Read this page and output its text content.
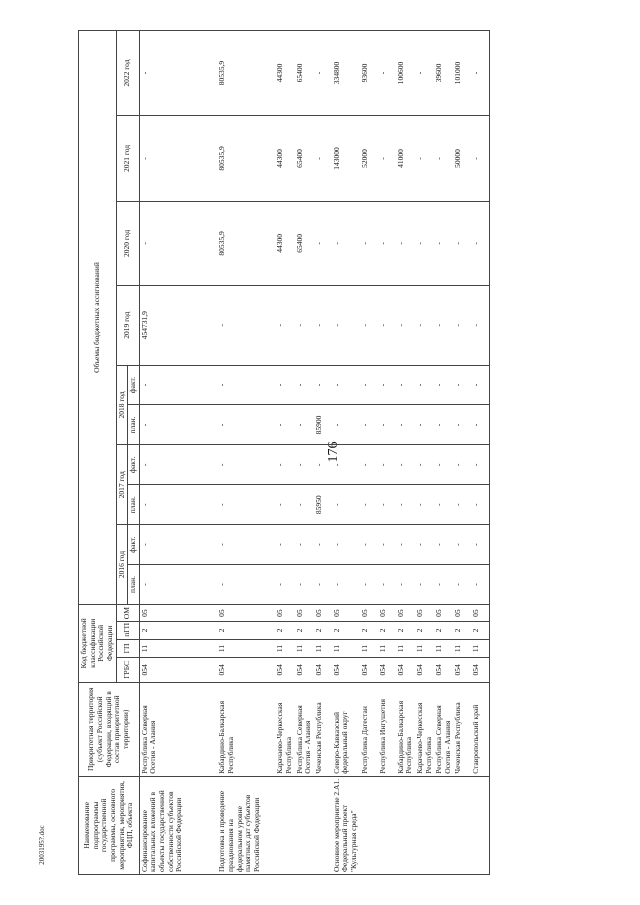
176
2003195?.doc	Наименование подпрограммы государственной программы, основного мероприятия, мероприятия, ФЦП, объекта	Приоритетная территория (субъект Российской Федерации, входящий в состав приоритетной территории)	Код бюджетной классификации Российской Федерации				Объемы бюджетных ассигнований									
		ГРБС	ГП	пГП	ОМ	2016 год		2017 год		2018 год		2019 год	2020 год	2021 год	2022 год
						план.	факт.	план.	факт.	план.	факт.				
Софинансирование капитальных вложений в объекты государственной собственности субъектов Российской Федерации	Республика Северная Осетия - Алания	054	11	2	05	-	-	-	-	-	-	454731,9	-	-	-
Подготовка и проведение празднования на федеральном уровне памятных дат субъектов Российской Федерации	Кабардино-Балкарская Республика	054	11	2	05	-	-	-	-	-	-	-	80535,9	80535,9	80535,9
	Карачаево-Черкесская Республика	054	11	2	05	-	-	-	-	-	-	-	44300	44300	44300
	Республика Северная Осетия - Алания	054	11	2	05	-	-	-	-	-	-	-	65400	65400	65400
	Чеченская Республика	054	11	2	05	-	-	85950	-	85900	-	-	-	-	-
Основное мероприятие 2.А1. Федеральный проект "Культурная среда"	Северо-Кавказский федеральный округ	054	11	2	05	-	-	-	-	-	-	-	-	143000	334800
	Республика Дагестан	054	11	2	05	-	-	-	-	-	-	-	-	52000	93600
	Республика Ингушетия	054	11	2	05	-	-	-	-	-	-	-	-	-	-
	Кабардино-Балкарская Республика	054	11	2	05	-	-	-	-	-	-	-	-	41000	100600
	Карачаево-Черкесская Республика	054	11	2	05	-	-	-	-	-	-	-	-	-	-
	Республика Северная Осетия - Алания	054	11	2	05	-	-	-	-	-	-	-	-	-	39600
	Чеченская Республика	054	11	2	05	-	-	-	-	-	-	-	-	50000	101000
	Ставропольский край	054	11	2	05	-	-	-	-	-	-	-	-	-	-
